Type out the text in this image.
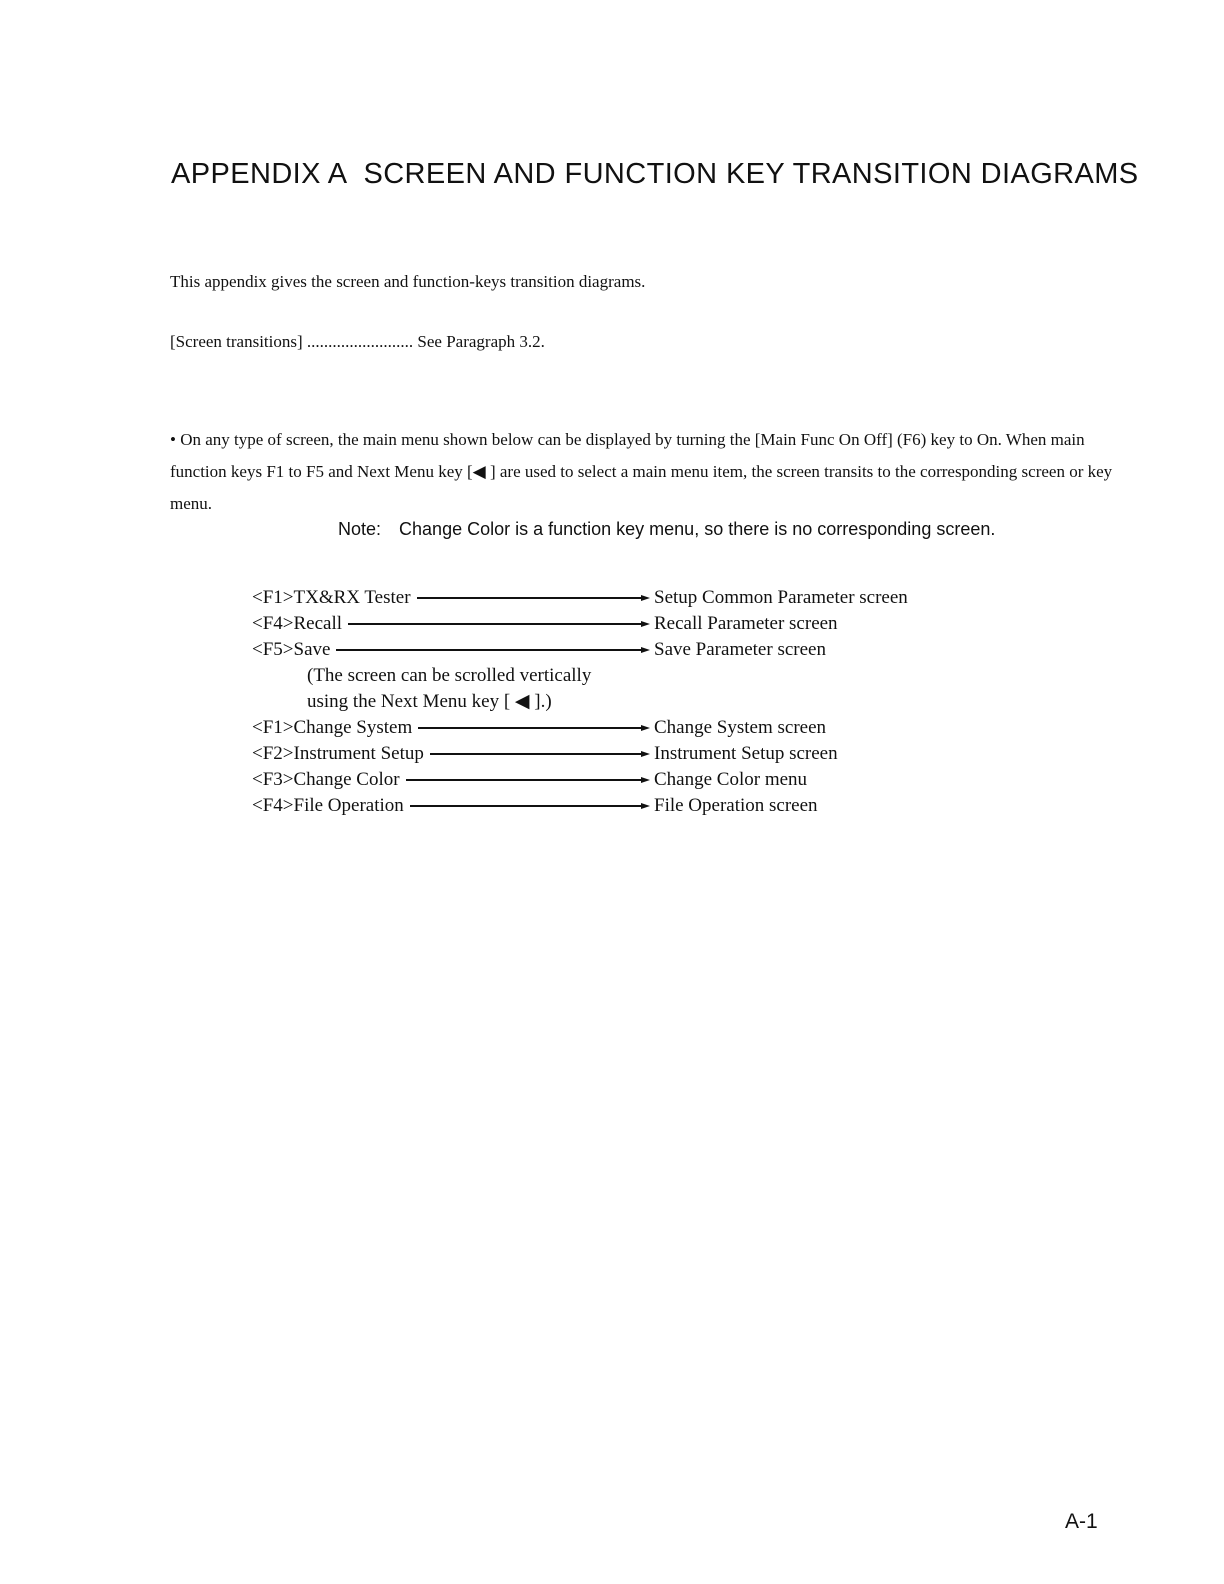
APPENDIX A SCREEN AND FUNCTION KEY TRANSITION DIAGRAMS

This appendix gives the screen and function-keys transition diagrams.

[Screen transitions] ......................... See Paragraph 3.2.

• On any type of screen, the main menu shown below can be displayed by turning the [Main Func On Off] (F6) key to On. When main function keys F1 to F5 and Next Menu key [◀ ] are used to select a main menu item, the screen transits to the corresponding screen or key menu.

Note: Change Color is a function key menu, so there is no corresponding screen.

<F1>TX&RX Tester	Setup Common Parameter screen
<F4>Recall	Recall Parameter screen
<F5>Save	Save Parameter screen
(The screen can be scrolled vertically
using the Next Menu key [ ◀ ].)
<F1>Change System	Change System screen
<F2>Instrument Setup	Instrument Setup screen
<F3>Change Color	Change Color menu
<F4>File Operation	File Operation screen

A-1
